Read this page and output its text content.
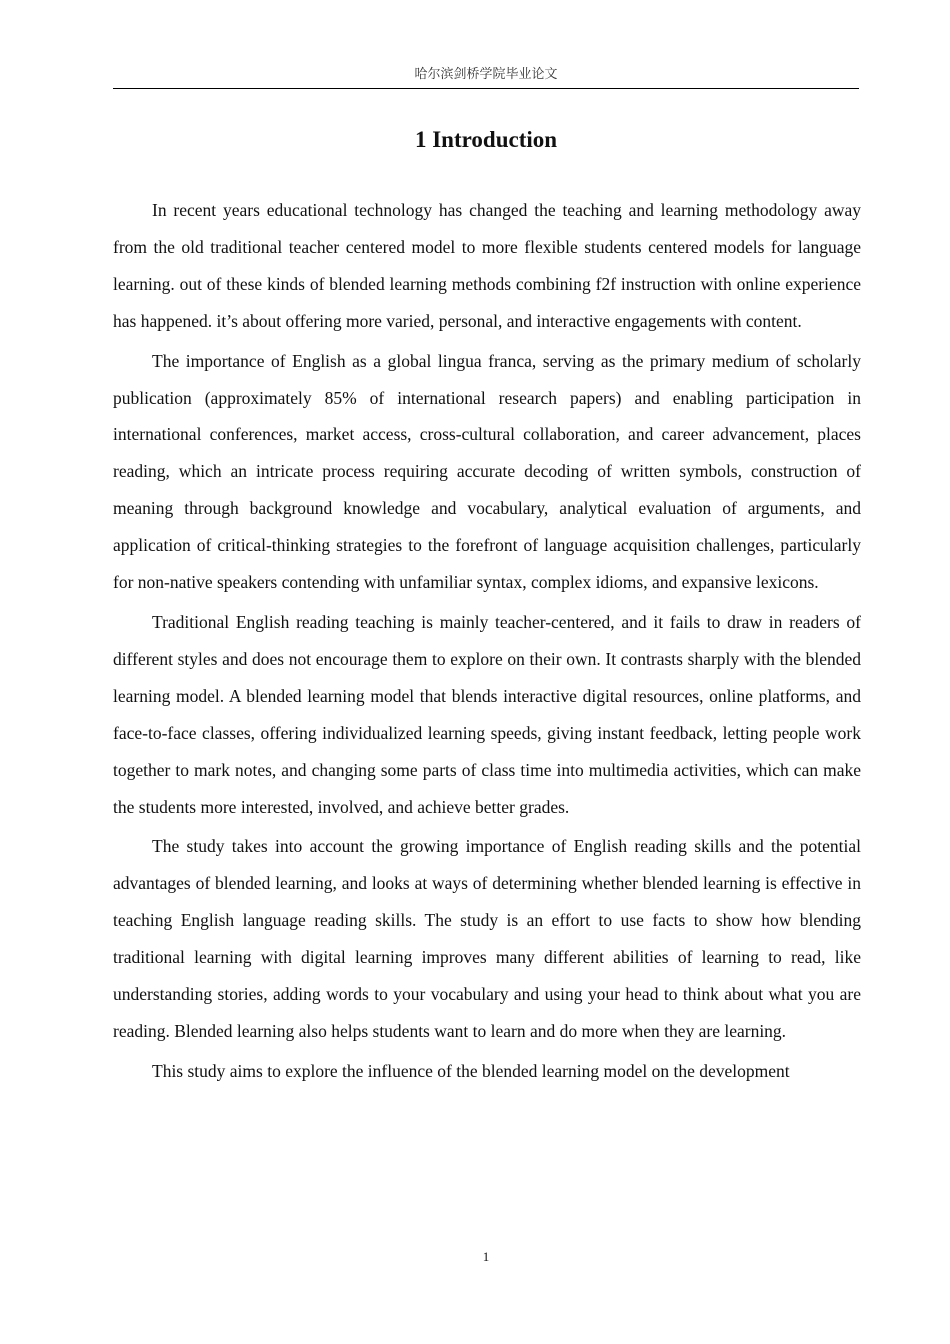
哈尔滨剑桥学院毕业论文
1 Introduction

In recent years educational technology has changed the teaching and learning methodology away from the old traditional teacher centered model to more flexible students centered models for language learning. out of these kinds of blended learning methods combining f2f instruction with online experience has happened. it’s about offering more varied, personal, and interactive engagements with content.

The importance of English as a global lingua franca, serving as the primary medium of scholarly publication (approximately 85% of international research papers) and enabling participation in international conferences, market access, cross-cultural collaboration, and career advancement, places reading, which an intricate process requiring accurate decoding of written symbols, construction of meaning through background knowledge and vocabulary, analytical evaluation of arguments, and application of critical-thinking strategies to the forefront of language acquisition challenges, particularly for non-native speakers contending with unfamiliar syntax, complex idioms, and expansive lexicons.

Traditional English reading teaching is mainly teacher-centered, and it fails to draw in readers of different styles and does not encourage them to explore on their own. It contrasts sharply with the blended learning model. A blended learning model that blends interactive digital resources, online platforms, and face-to-face classes, offering individualized learning speeds, giving instant feedback, letting people work together to mark notes, and changing some parts of class time into multimedia activities, which can make the students more interested, involved, and achieve better grades.

The study takes into account the growing importance of English reading skills and the potential advantages of blended learning, and looks at ways of determining whether blended learning is effective in teaching English language reading skills. The study is an effort to use facts to show how blending traditional learning with digital learning improves many different abilities of learning to read, like understanding stories, adding words to your vocabulary and using your head to think about what you are reading. Blended learning also helps students want to learn and do more when they are learning.

This study aims to explore the influence of the blended learning model on the development

1
